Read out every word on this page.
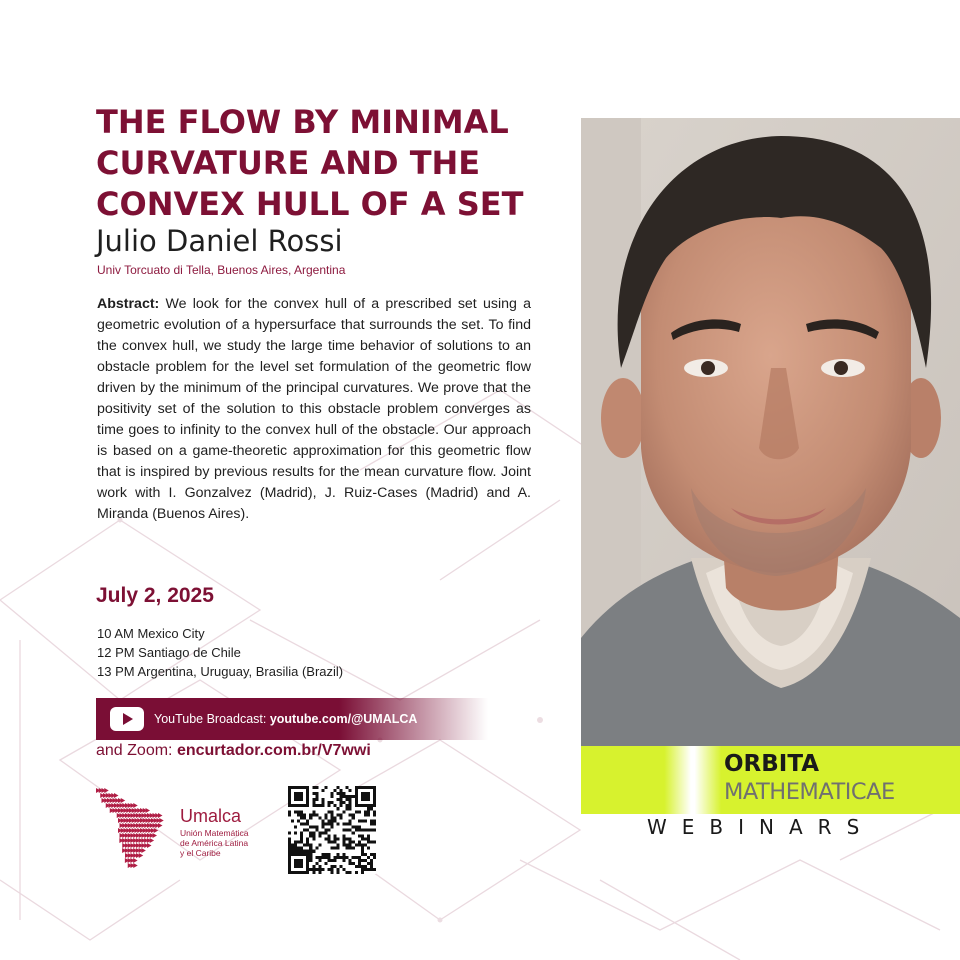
THE FLOW BY MINIMAL
CURVATURE AND THE
CONVEX HULL OF A SET
Julio Daniel Rossi
Univ Torcuato di Tella, Buenos Aires, Argentina

Abstract: We look for the convex hull of a prescribed set using a geometric evolution of a hypersurface that surrounds the set. To find the convex hull, we study the large time behavior of solutions to an obstacle problem for the level set formulation of the geometric flow driven by the minimum of the principal curvatures. We prove that the positivity set of the solution to this obstacle problem converges as time goes to infinity to the convex hull of the obstacle. Our approach is based on a game-theoretic approximation for this geometric flow that is inspired by previous results for the mean curvature flow. Joint work with I. Gonzalvez (Madrid), J. Ruiz-Cases (Madrid) and A. Miranda (Buenos Aires).

July 2, 2025
10 AM Mexico City
12 PM Santiago de Chile
13 PM Argentina, Uruguay, Brasilia (Brazil)
YouTube Broadcast: youtube.com/@UMALCA
and Zoom: encurtador.com.br/V7wwi
Umalca
Unión Matemática de América Latina y el Caribe
ORBITA
MATHEMATICAE
WEBINARS
